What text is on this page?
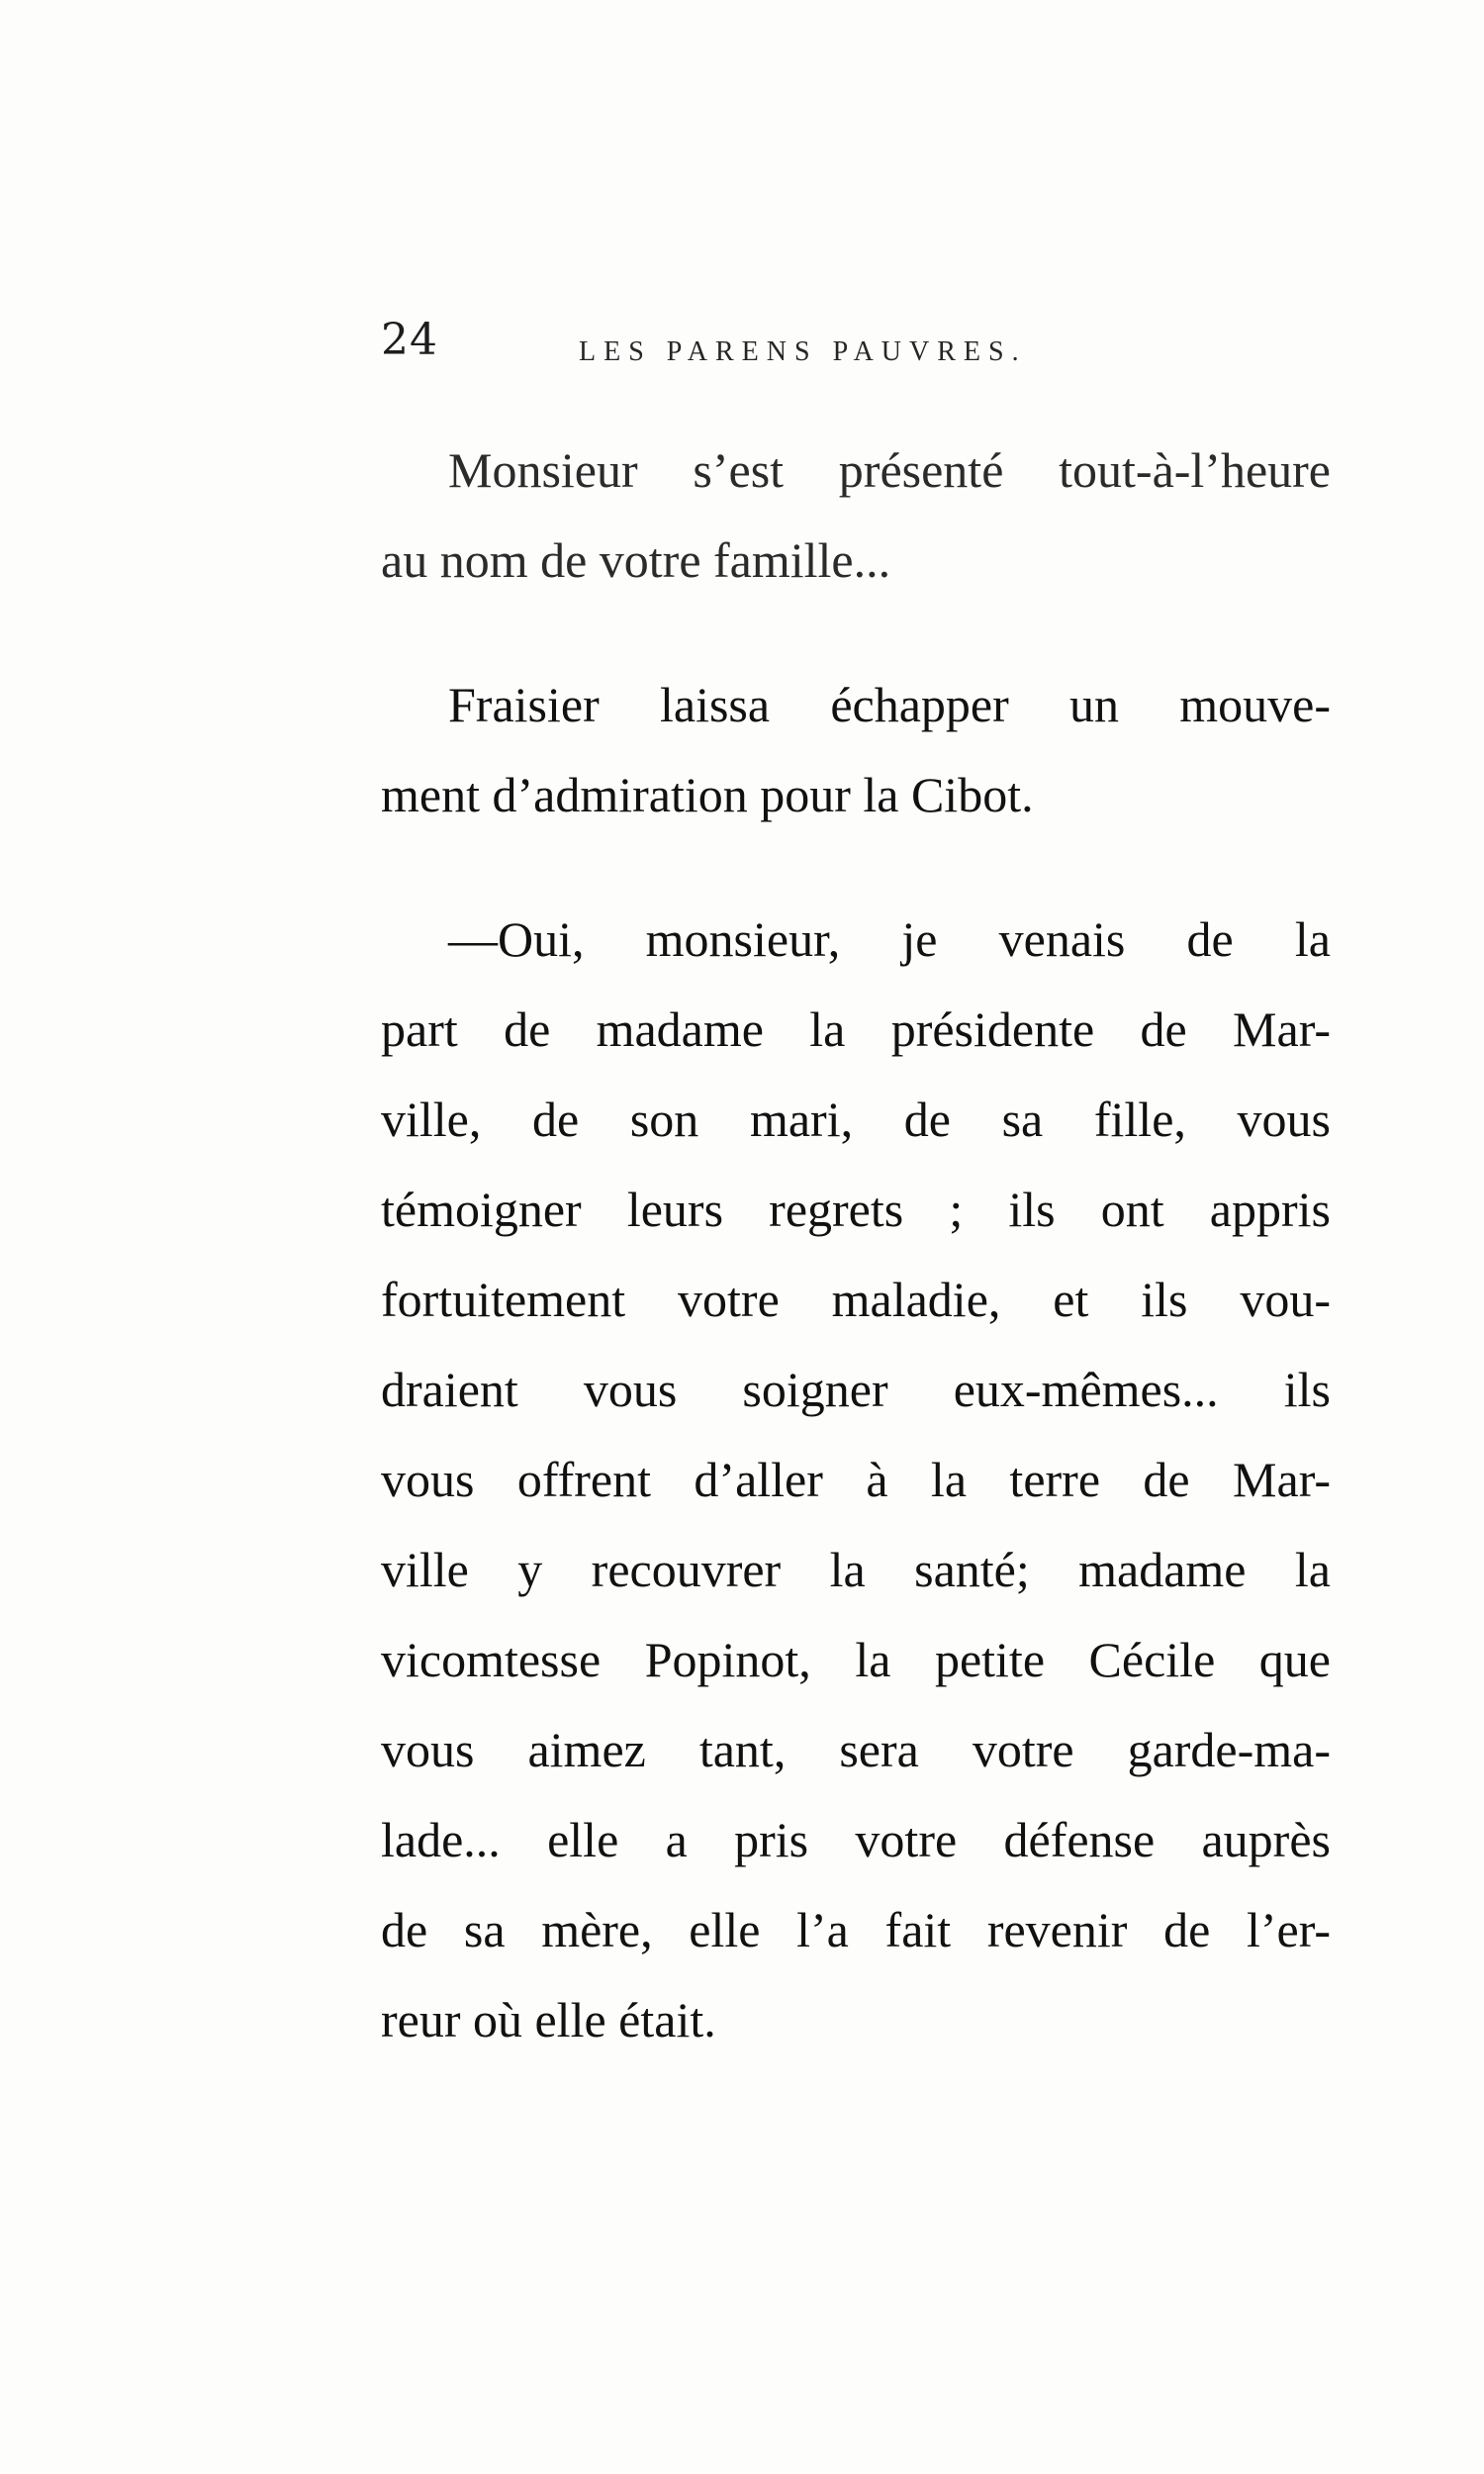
24	LES PARENS PAUVRES.
Monsieur s’est présenté tout-à-l’heure
au nom de votre famille...
Fraisier laissa échapper un mouve-
ment d’admiration pour la Cibot.
—Oui, monsieur, je venais de la
part de madame la présidente de Mar-
ville, de son mari, de sa fille, vous
témoigner leurs regrets ; ils ont appris
fortuitement votre maladie, et ils vou-
draient vous soigner eux-mêmes... ils
vous offrent d’aller à la terre de Mar-
ville y recouvrer la santé; madame la
vicomtesse Popinot, la petite Cécile que
vous aimez tant, sera votre garde-ma-
lade... elle a pris votre défense auprès
de sa mère, elle l’a fait revenir de l’er-
reur où elle était.
